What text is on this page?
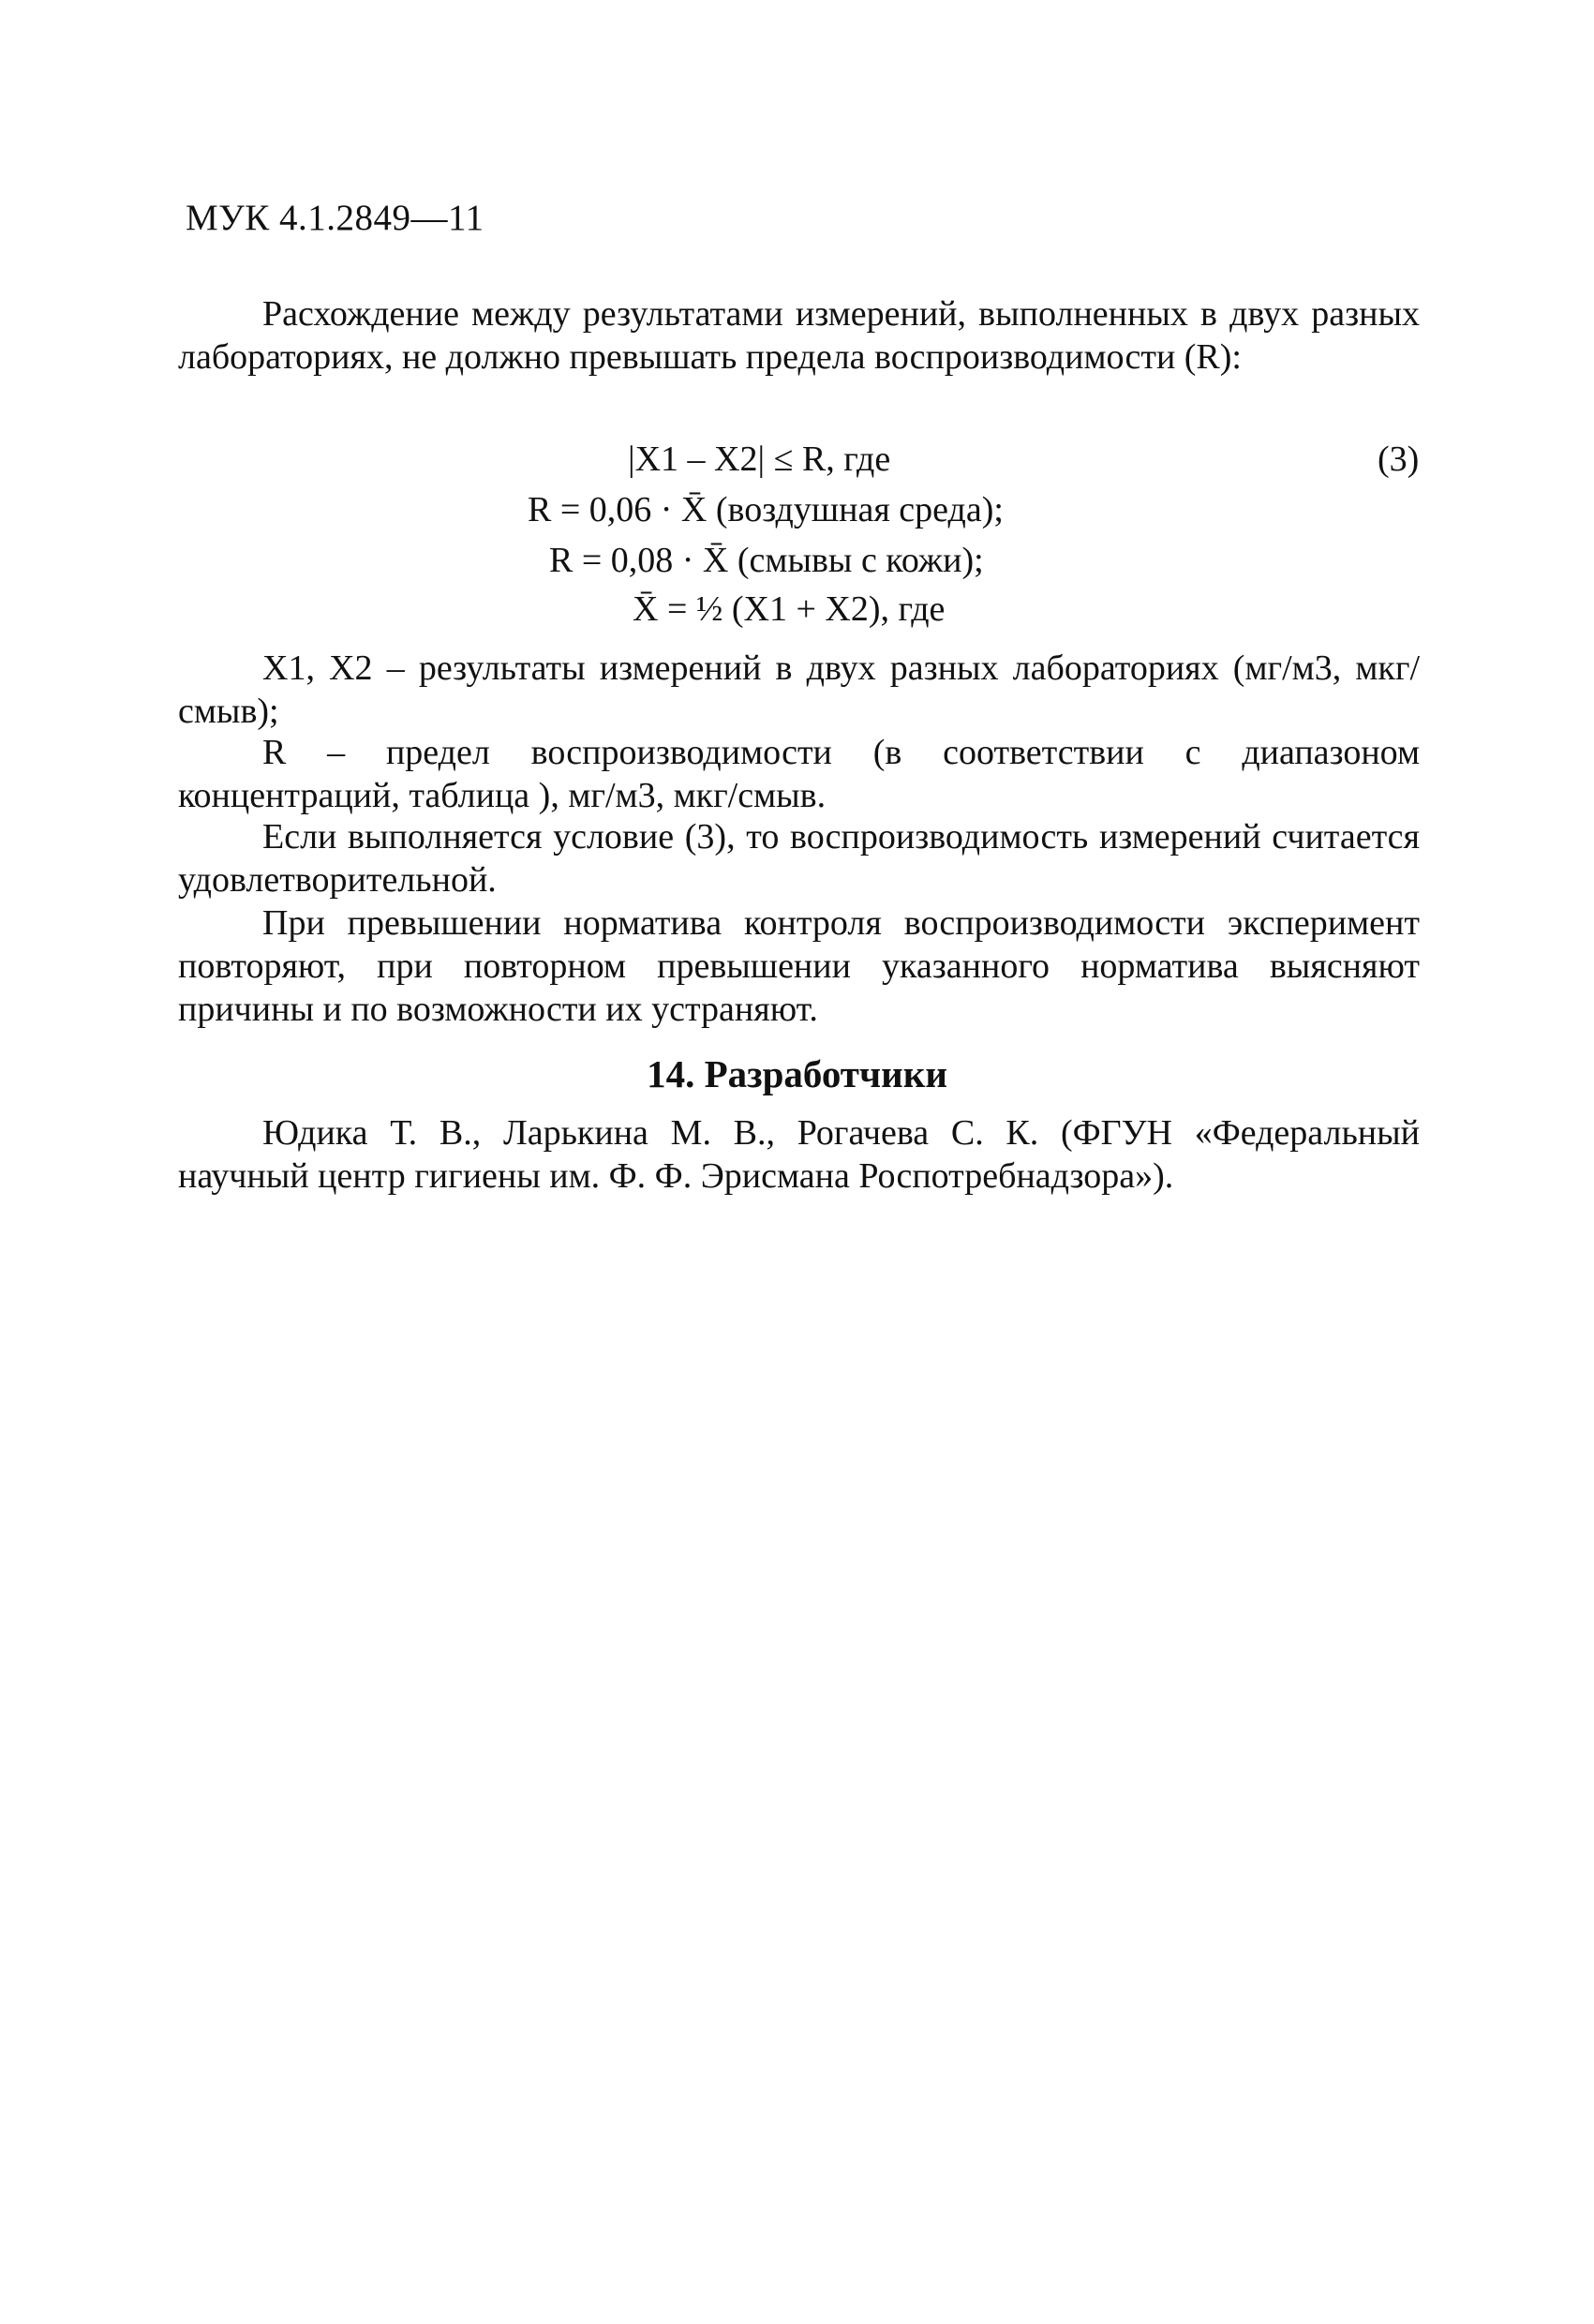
МУК 4.1.2849—11
Расхождение между результатами измерений, выполненных в двух разных лабораториях, не должно превышать предела воспроизводимости (R):
|X1 – X2| ≤ R, где	(3)
R = 0,06 · X̄ (воздушная среда);
R = 0,08 · X̄ (смывы с кожи);
X̄ = ½ (X1 + X2), где
X1, X2 – результаты измерений в двух разных лабораториях (мг/м3, мкг/смыв);
R – предел воспроизводимости (в соответствии с диапазоном концентраций, таблица ), мг/м3, мкг/смыв.
Если выполняется условие (3), то воспроизводимость измерений считается удовлетворительной.
При превышении норматива контроля воспроизводимости эксперимент повторяют, при повторном превышении указанного норматива выясняют причины и по возможности их устраняют.
14. Разработчики
Юдика Т. В., Ларькина М. В., Рогачева С. К. (ФГУН «Федеральный научный центр гигиены им. Ф. Ф. Эрисмана Роспотребнадзора»).
